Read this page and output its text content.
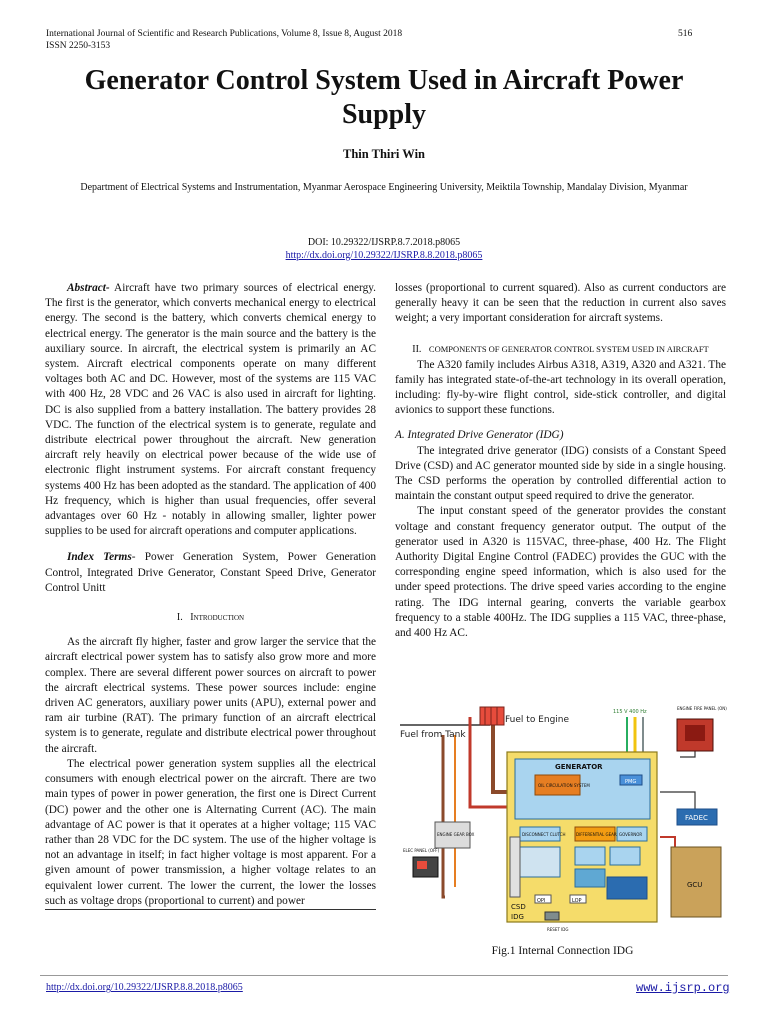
International Journal of Scientific and Research Publications, Volume 8, Issue 8, August 2018
ISSN 2250-3153
516
Generator Control System Used in Aircraft Power Supply
Thin Thiri Win
Department of Electrical Systems and Instrumentation, Myanmar Aerospace Engineering University, Meiktila Township, Mandalay Division, Myanmar
DOI: 10.29322/IJSRP.8.7.2018.p8065
http://dx.doi.org/10.29322/IJSRP.8.8.2018.p8065

Abstract- Aircraft have two primary sources of electrical energy. The first is the generator, which converts mechanical energy to electrical energy. The second is the battery, which converts chemical energy to electrical energy. The generator is the main source and the battery is the auxiliary source. In aircraft, the electrical system is primarily an AC system. Aircraft electrical components operate on many different voltages both AC and DC. However, most of the systems are 115 VAC with 400 Hz, 28 VDC and 26 VAC is also used in aircraft for lighting. DC is also supplied from a battery installation. The battery provides 28 VDC. The function of the electrical system is to generate, regulate and distribute electrical power throughout the aircraft. New generation aircraft rely heavily on electrical power because of the wide use of electronic flight instrument systems. For aircraft constant frequency systems 400 Hz has been adopted as the standard. The application of 400 Hz frequency, which is higher than usual frequencies, offer several advantages over 60 Hz - notably in allowing smaller, lighter power supplies to be used for aircraft operations and computer applications.

Index Terms- Power Generation System, Power Generation Control, Integrated Drive Generator, Constant Speed Drive, Generator Control Unitt

I. Introduction

As the aircraft fly higher, faster and grow larger the service that the aircraft electrical power system has to satisfy also grow more and more complex. There are several different power sources on aircraft to power the aircraft electrical systems. These power sources include: engine driven AC generators, auxiliary power units (APU), external power and ram air turbine (RAT). The primary function of an aircraft electrical system is to generate, regulate and distribute electrical power throughout the aircraft.

The electrical power generation system supplies all the electrical consumers with enough electrical power on the aircraft. There are two main types of power in power generation, the first one is Direct Current (DC) power and the other one is Alternating Current (AC). The main advantage of AC power is that it operates at a higher voltage; 115 VAC rather than 28 VDC for the DC system. The use of the higher voltage is not an advantage in itself; in fact higher voltage is most apparent. For a given amount of power transmission, a higher voltage relates to an equivalent lower current. The lower the current, the lower the losses such as voltage drops (proportional to current) and power

losses (proportional to current squared). Also as current conductors are generally heavy it can be seen that the reduction in current also saves weight; a very important consideration for aircraft systems.

II. COMPONENTS OF GENERATOR CONTROL SYSTEM USED IN AIRCRAFT

The A320 family includes Airbus A318, A319, A320 and A321. The family has integrated state-of-the-art technology in its overall operation, including: fly-by-wire flight control, side-stick controller, and digital avionics to support these functions.

A. Integrated Drive Generator (IDG)

The integrated drive generator (IDG) consists of a Constant Speed Drive (CSD) and AC generator mounted side by side in a single housing. The CSD performs the operation by controlled differential action to maintain the constant output speed required to drive the generator.

The input constant speed of the generator provides the constant voltage and constant frequency generator output. The output of the generator used in A320 is 115VAC, three-phase, 400 Hz. The Flight Authority Digital Engine Control (FADEC) provides the GUC with the corresponding engine speed information, which is also used for the under speed protections. The drive speed varies according to the engine rating. The IDG internal gearing, converts the variable gearbox frequency to a stable 400Hz. The IDG supplies a 115 VAC, three-phase, and 400 Hz AC.

Fuel from Tank
Fuel to Engine
115 V 400 Hz
GENERATOR
OIL CIRCULATION SYSTEM
PMG
DIFFERENTIAL GEAR GOVERNOR
DISCONNECT CLUTCH
CSD
IDG
OPI	LOP
ENGINE GEAR BOX
ELEC PANEL (OFF)
ENGINE FIRE PANEL (ON)
FADEC
GCU
RESET IDG
Fig.1 Internal Connection IDG
http://dx.doi.org/10.29322/IJSRP.8.8.2018.p8065	www.ijsrp.org
